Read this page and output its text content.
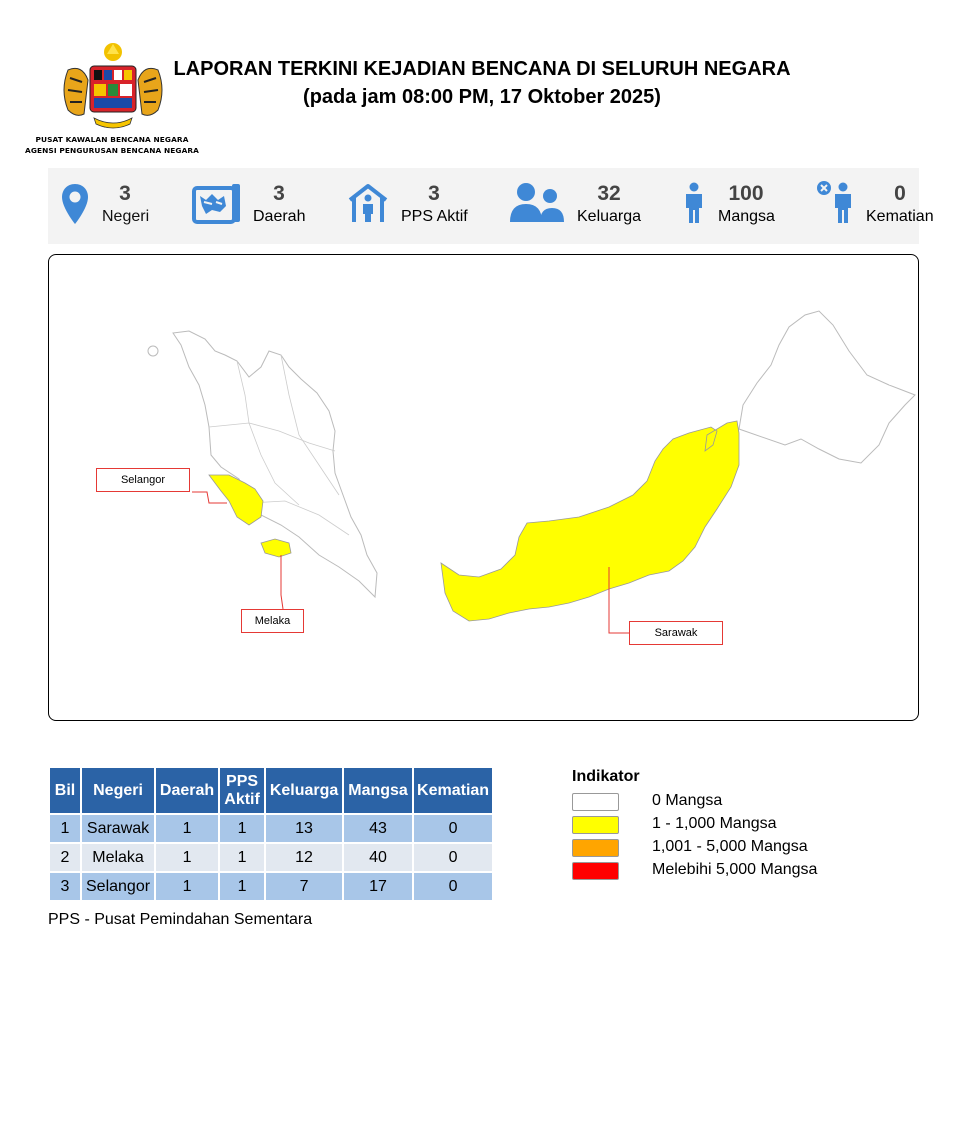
PUSAT KAWALAN BENCANA NEGARA
AGENSI PENGURUSAN BENCANA NEGARA
LAPORAN TERKINI KEJADIAN BENCANA DI SELURUH NEGARA
(pada jam 08:00 PM, 17 Oktober 2025)
3
Negeri
3
Daerah
3
PPS Aktif
32
Keluarga
100
Mangsa
0
Kematian
Selangor
Melaka
Sarawak
Bil	Negeri	Daerah	PPS Aktif	Keluarga	Mangsa	Kematian
1	Sarawak	1	1	13	43	0
2	Melaka	1	1	12	40	0
3	Selangor	1	1	7	17	0
PPS - Pusat Pemindahan Sementara
Indikator
0 Mangsa
1 - 1,000 Mangsa
1,001 - 5,000 Mangsa
Melebihi 5,000 Mangsa
